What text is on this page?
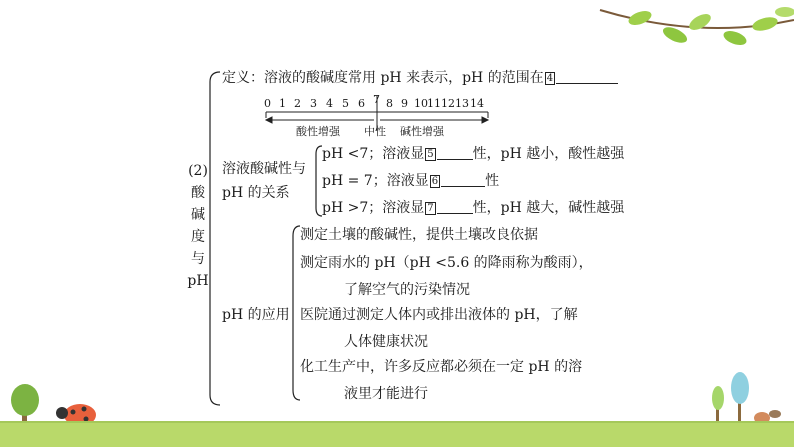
(2)
酸
碱
度
与
pH
定义：溶液的酸碱度常用 pH 来表示，pH 的范围在 4
0 1 2 3 4 5 6 7 8 9 10 11 12 13 14
酸性增强 中性 碱性增强
溶液酸碱性与
pH 的关系
pH <7；溶液显 5	性，pH 越小，酸性越强
pH = 7；溶液显 6	性
pH >7；溶液显 7	性，pH 越大，碱性越强
pH 的应用
测定土壤的酸碱性，提供土壤改良依据
测定雨水的 pH（pH <5.6 的降雨称为酸雨），
了解空气的污染情况
医院通过测定人体内或排出液体的 pH，了解
人体健康状况
化工生产中，许多反应都必须在一定 pH 的溶
液里才能进行
